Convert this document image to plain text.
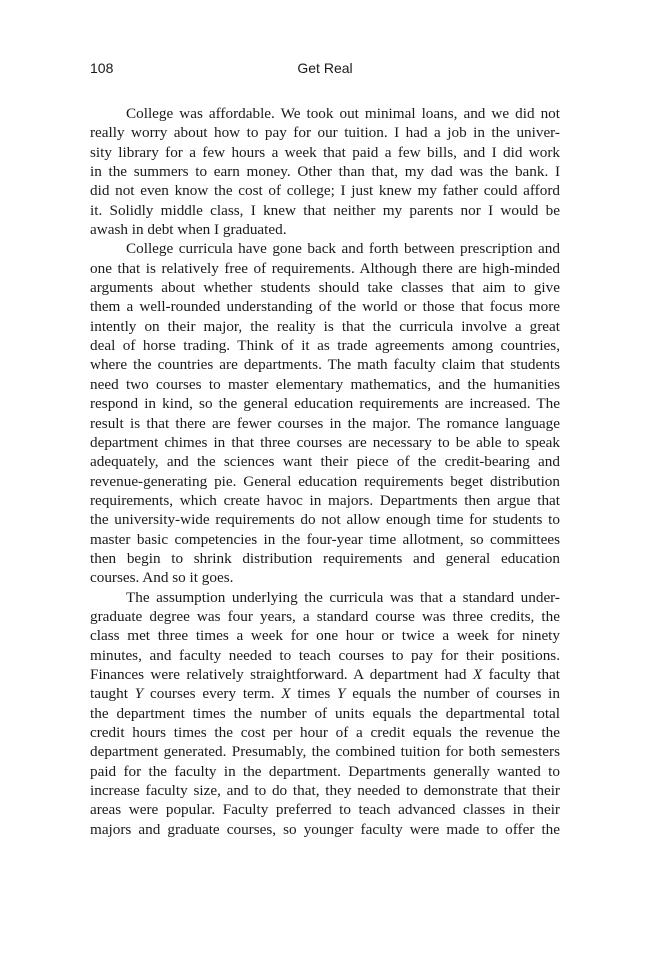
108	Get Real

College was affordable. We took out minimal loans, and we did not
really worry about how to pay for our tuition. I had a job in the univer-
sity library for a few hours a week that paid a few bills, and I did work
in the summers to earn money. Other than that, my dad was the bank. I
did not even know the cost of college; I just knew my father could afford
it. Solidly middle class, I knew that neither my parents nor I would be
awash in debt when I graduated.

College curricula have gone back and forth between prescription and
one that is relatively free of requirements. Although there are high-minded
arguments about whether students should take classes that aim to give
them a well-rounded understanding of the world or those that focus more
intently on their major, the reality is that the curricula involve a great
deal of horse trading. Think of it as trade agreements among countries,
where the countries are departments. The math faculty claim that students
need two courses to master elementary mathematics, and the humanities
respond in kind, so the general education requirements are increased. The
result is that there are fewer courses in the major. The romance language
department chimes in that three courses are necessary to be able to speak
adequately, and the sciences want their piece of the credit-bearing and
revenue-generating pie. General education requirements beget distribution
requirements, which create havoc in majors. Departments then argue that
the university-wide requirements do not allow enough time for students to
master basic competencies in the four-year time allotment, so committees
then begin to shrink distribution requirements and general education
courses. And so it goes.

The assumption underlying the curricula was that a standard under-
graduate degree was four years, a standard course was three credits, the
class met three times a week for one hour or twice a week for ninety
minutes, and faculty needed to teach courses to pay for their positions.
Finances were relatively straightforward. A department had X faculty that
taught Y courses every term. X times Y equals the number of courses in
the department times the number of units equals the departmental total
credit hours times the cost per hour of a credit equals the revenue the
department generated. Presumably, the combined tuition for both semesters
paid for the faculty in the department. Departments generally wanted to
increase faculty size, and to do that, they needed to demonstrate that their
areas were popular. Faculty preferred to teach advanced classes in their
majors and graduate courses, so younger faculty were made to offer the
